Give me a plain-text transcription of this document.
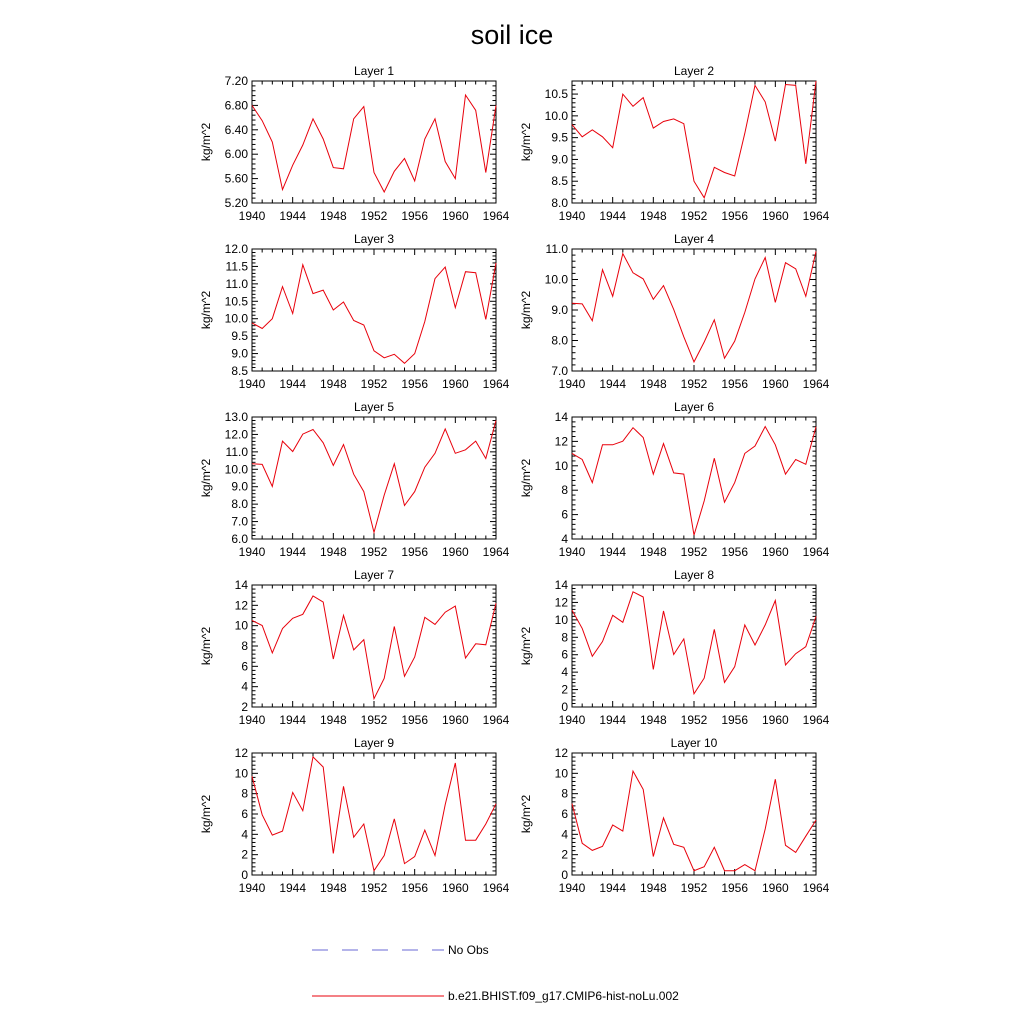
soil ice
Layer 1
kg/m^2
1940 1944 1948 1952 1956 1960 1964
5.20
5.60
6.00
6.40
6.80
7.20
Layer 2
kg/m^2
1940 1944 1948 1952 1956 1960 1964
8.0
8.5
9.0
9.5
10.0
10.5
Layer 3
kg/m^2
1940 1944 1948 1952 1956 1960 1964
8.5
9.0
9.5
10.0
10.5
11.0
11.5
12.0
Layer 4
kg/m^2
1940 1944 1948 1952 1956 1960 1964
7.0
8.0
9.0
10.0
11.0
Layer 5
kg/m^2
1940 1944 1948 1952 1956 1960 1964
6.0
7.0
8.0
9.0
10.0
11.0
12.0
13.0
Layer 6
kg/m^2
1940 1944 1948 1952 1956 1960 1964
4
6
8
10
12
14
Layer 7
kg/m^2
1940 1944 1948 1952 1956 1960 1964
2
4
6
8
10
12
14
Layer 8
kg/m^2
1940 1944 1948 1952 1956 1960 1964
0
2
4
6
8
10
12
14
Layer 9
kg/m^2
1940 1944 1948 1952 1956 1960 1964
0
2
4
6
8
10
12
Layer 10
kg/m^2
1940 1944 1948 1952 1956 1960 1964
0
2
4
6
8
10
12
No Obs
b.e21.BHIST.f09_g17.CMIP6-hist-noLu.002
